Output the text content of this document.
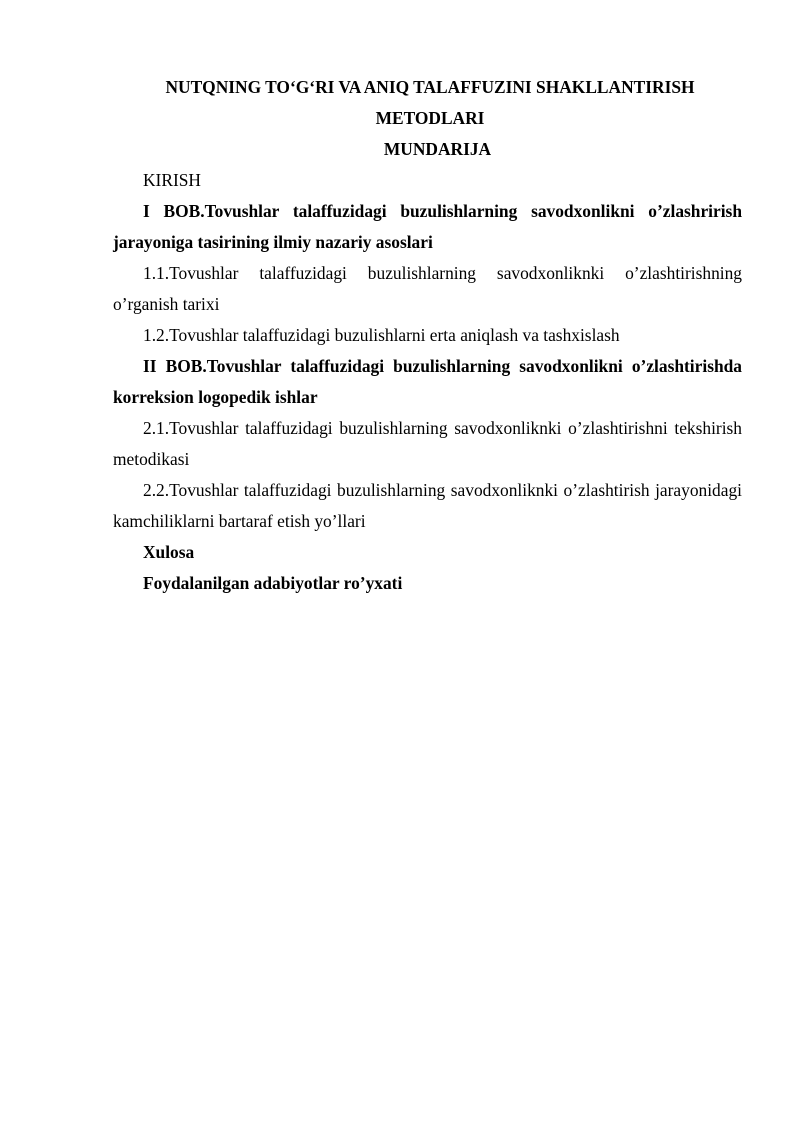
NUTQNING TO‘G‘RI VA ANIQ TALAFFUZINI SHAKLLANTIRISH
METODLARI
MUNDARIJA
KIRISH
I BOB.Tovushlar talaffuzidagi buzulishlarning savodxonlikni o’zlashrirish jarayoniga tasirining ilmiy nazariy asoslari
1.1.Tovushlar talaffuzidagi buzulishlarning savodxonliknki o’zlashtirishning o’rganish tarixi
1.2.Tovushlar talaffuzidagi buzulishlarni erta aniqlash va tashxislash
II BOB.Tovushlar talaffuzidagi buzulishlarning savodxonlikni o’zlashtirishda korreksion logopedik ishlar
2.1.Tovushlar talaffuzidagi buzulishlarning savodxonliknki o’zlashtirishni tekshirish metodikasi
2.2.Tovushlar talaffuzidagi buzulishlarning savodxonliknki o’zlashtirish jarayonidagi kamchiliklarni bartaraf etish yo’llari
Xulosa
Foydalanilgan adabiyotlar ro’yxati
